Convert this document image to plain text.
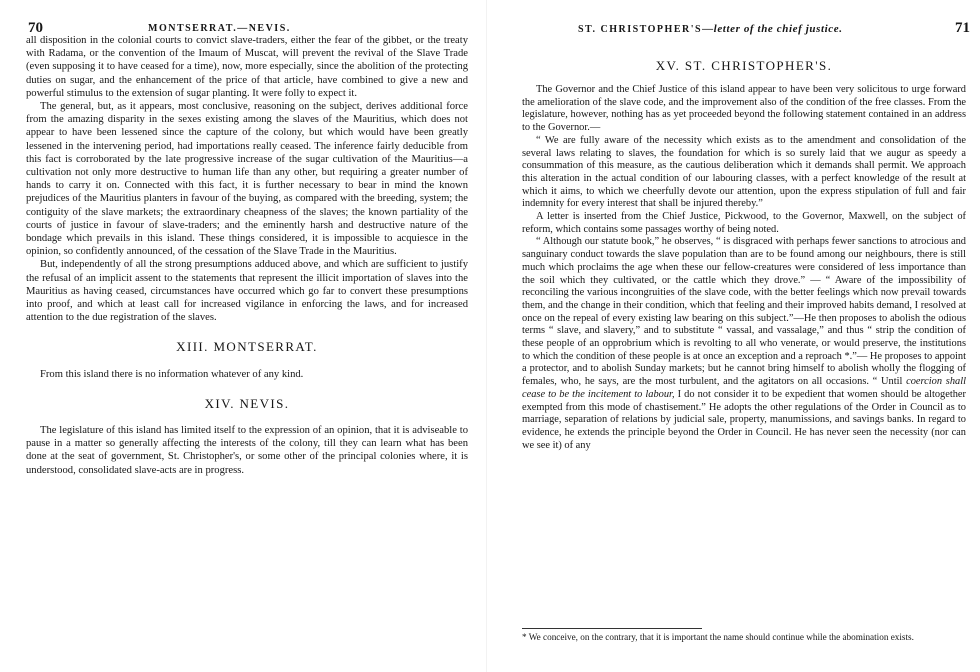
70	MONTSERRAT.—NEVIS.

all disposition in the colonial courts to convict slave-traders, either the fear of the gibbet, or the treaty with Radama, or the convention of the Imaum of Muscat, will prevent the revival of the Slave Trade (even supposing it to have ceased for a time), now, more especially, since the abolition of the protecting duties on sugar, and the enhancement of the price of that article, have combined to give a new and powerful stimulus to the extension of sugar planting. It were folly to expect it.

The general, but, as it appears, most conclusive, reasoning on the subject, derives additional force from the amazing disparity in the sexes existing among the slaves of the Mauritius, which does not appear to have been lessened since the capture of the colony, but which would have been greatly lessened in the intervening period, had importations really ceased. The inference fairly deducible from this fact is corroborated by the late progressive increase of the sugar cultivation of the Mauritius—a cultivation not only more destructive to human life than any other, but requiring a greater number of hands to carry it on. Connected with this fact, it is further necessary to bear in mind the known prejudices of the Mauritius planters in favour of the buying, as compared with the breeding, system; the contiguity of the slave markets; the extraordinary cheapness of the slaves; the known partiality of the courts of justice in favour of slave-traders; and the eminently harsh and destructive nature of the bondage which prevails in this island. These things considered, it is impossible to acquiesce in the opinion, so confidently announced, of the cessation of the Slave Trade in the Mauritius.

But, independently of all the strong presumptions adduced above, and which are sufficient to justify the refusal of an implicit assent to the statements that represent the illicit importation of slaves into the Mauritius as having ceased, circumstances have occurred which go far to convert these presumptions into proof, and which at least call for increased vigilance in enforcing the laws, and for increased attention to the due registration of the slaves.

XIII. MONTSERRAT.

From this island there is no information whatever of any kind.

XIV. NEVIS.

The legislature of this island has limited itself to the expression of an opinion, that it is adviseable to pause in a matter so generally affecting the interests of the colony, till they can learn what has been done at the seat of government, St. Christopher's, or some other of the principal colonies where, it is understood, consolidated slave-acts are in progress.

ST. CHRISTOPHER'S—letter of the chief justice.	71
XV. ST. CHRISTOPHER'S.

The Governor and the Chief Justice of this island appear to have been very solicitous to urge forward the amelioration of the slave code, and the improvement also of the condition of the free classes. From the legislature, however, nothing has as yet proceeded beyond the following statement contained in an address to the Governor.—

“ We are fully aware of the necessity which exists as to the amendment and consolidation of the several laws relating to slaves, the foundation for which is so surely laid that we augur as speedy a consummation of this measure, as the cautious deliberation which it demands shall permit. We approach this alteration in the actual condition of our labouring classes, with a perfect knowledge of the result at which it aims, to which we cheerfully devote our attention, upon the express stipulation of full and fair indemnity for every interest that shall be injured thereby.”

A letter is inserted from the Chief Justice, Pickwood, to the Governor, Maxwell, on the subject of reform, which contains some passages worthy of being noted.

“ Although our statute book,” he observes, “ is disgraced with perhaps fewer sanctions to atrocious and sanguinary conduct towards the slave population than are to be found among our neighbours, there is still much which proclaims the age when these our fellow-creatures were considered of less importance than the soil which they cultivated, or the cattle which they drove.” — “ Aware of the impossibility of reconciling the various incongruities of the slave code, with the better feelings which now prevail towards them, and the change in their condition, which that feeling and their improved habits demand, I resolved at once on the repeal of every existing law bearing on this subject.”—He then proposes to abolish the odious terms “ slave, and slavery,” and to substitute “ vassal, and vassalage,” and thus “ strip the condition of these people of an opprobrium which is revolting to all who venerate, or would preserve, the institutions to which the condition of these people is at once an exception and a reproach *.”— He proposes to appoint a protector, and to abolish Sunday markets; but he cannot bring himself to abolish wholly the flogging of females, who, he says, are the most turbulent, and the agitators on all occasions. “ Until coercion shall cease to be the incitement to labour, I do not consider it to be expedient that women should be altogether exempted from this mode of chastisement.” He adopts the other regulations of the Order in Council as to marriage, separation of relations by judicial sale, property, manumissions, and savings banks. In regard to evidence, he extends the principle beyond the Order in Council. He has never seen the necessity (nor can we see it) of any

* We conceive, on the contrary, that it is important the name should continue while the abomination exists.
